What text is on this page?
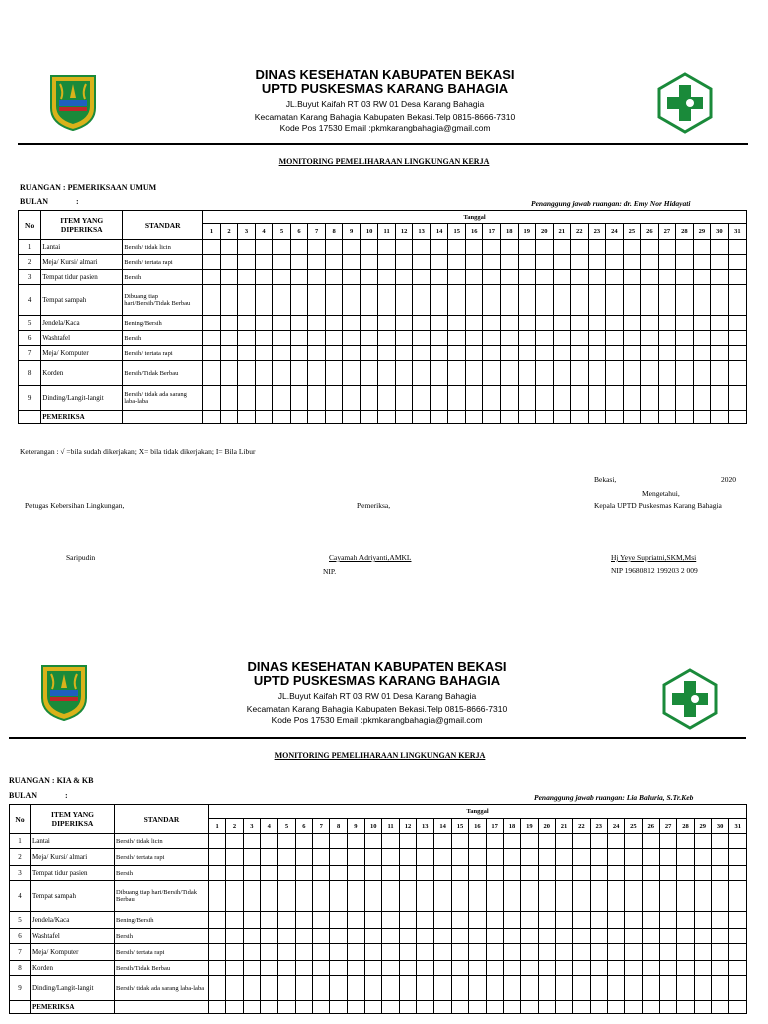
DINAS KESEHATAN KABUPATEN BEKASI
UPTD PUSKESMAS KARANG BAHAGIA
JL.Buyut Kaifah RT 03 RW 01 Desa Karang Bahagia
Kecamatan Karang Bahagia Kabupaten Bekasi.Telp 0815-8666-7310
Kode Pos 17530 Email :pkmkarangbahagia@gmail.com
MONITORING PEMELIHARAAN LINGKUNGAN KERJA
RUANGAN : PEMERIKSAAN UMUM
BULAN	:	Penanggung jawab ruangan: dr. Emy Nor Hidayati
No	ITEM YANG DIPERIKSA	STANDAR	Tanggal																														
			1	2	3	4	5	6	7	8	9	10	11	12	13	14	15	16	17	18	19	20	21	22	23	24	25	26	27	28	29	30	31
1	Lantai	Bersih/ tidak licin																															
2	Meja/ Kursi/ almari	Bersih/ tertata rapi																															
3	Tempat tidur pasien	Bersih																															
4	Tempat sampah	Dibuang tiap hari/Bersih/Tidak Berbau																															
5	Jendela/Kaca	Bening/Bersih																															
6	Washtafel	Bersih																															
7	Meja/ Komputer	Bersih/ tertata rapi																															
8	Korden	Bersih/Tidak Berbau																															
9	Dinding/Langit-langit	Bersih/ tidak ada sarang laba-laba																															
	PEMERIKSA																																
Keterangan : √ =bila sudah dikerjakan; X= bila tidak dikerjakan; I= Bila Libur
Bekasi,	2020
Mengetahui,
Petugas Kebersihan Lingkungan,	Pemeriksa,	Kepala UPTD Puskesmas Karang Bahagia
Saripudin	Cayamah Adriyanti,AMKL	Hj Yeye Supriatni,SKM,Msi
NIP.	NIP 19680812 199203 2 009
DINAS KESEHATAN KABUPATEN BEKASI
UPTD PUSKESMAS KARANG BAHAGIA
JL.Buyut Kaifah RT 03 RW 01 Desa Karang Bahagia
Kecamatan Karang Bahagia Kabupaten Bekasi.Telp 0815-8666-7310
Kode Pos 17530 Email :pkmkarangbahagia@gmail.com
MONITORING PEMELIHARAAN LINGKUNGAN KERJA
RUANGAN : KIA & KB
BULAN	:	Penanggung jawab ruangan: Lia Baluria, S.Tr.Keb
No	ITEM YANG DIPERIKSA	STANDAR	Tanggal																														
			1	2	3	4	5	6	7	8	9	10	11	12	13	14	15	16	17	18	19	20	21	22	23	24	25	26	27	28	29	30	31
1	Lantai	Bersih/ tidak licin																															
2	Meja/ Kursi/ almari	Bersih/ tertata rapi																															
3	Tempat tidur pasien	Bersih																															
4	Tempat sampah	Dibuang tiap hari/Bersih/Tidak Berbau																															
5	Jendela/Kaca	Bening/Bersih																															
6	Washtafel	Bersih																															
7	Meja/ Komputer	Bersih/ tertata rapi																															
8	Korden	Bersih/Tidak Berbau																															
9	Dinding/Langit-langit	Bersih/ tidak ada sarang laba-laba																															
	PEMERIKSA																																
